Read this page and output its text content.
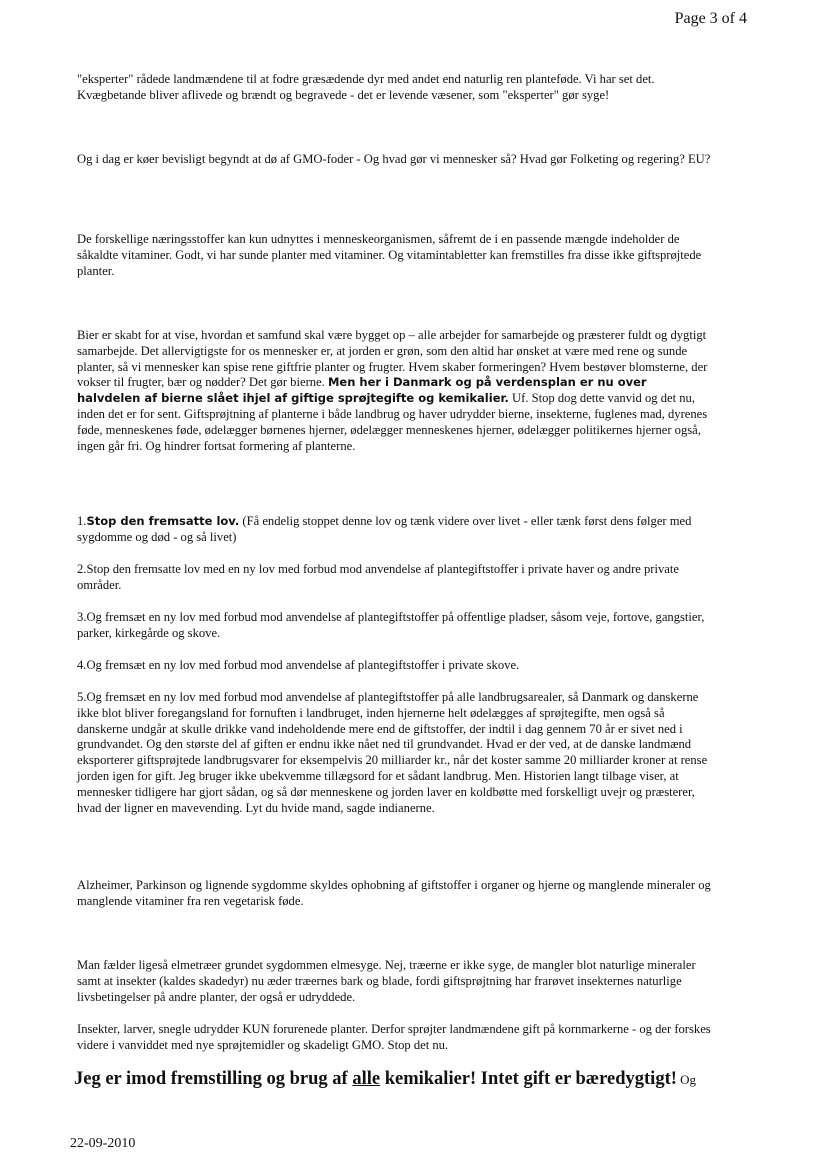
Page 3 of 4

"eksperter" rådede landmændene til at fodre græsædende dyr med andet end naturlig ren planteføde. Vi har set det. Kvægbetande bliver aflivede og brændt og begravede - det er levende væsener, som "eksperter" gør syge!

Og i dag er køer bevisligt begyndt at dø af GMO-foder - Og hvad gør vi mennesker så? Hvad gør Folketing og regering? EU?

De forskellige næringsstoffer kan kun udnyttes i menneskeorganismen, såfremt de i en passende mængde indeholder de såkaldte vitaminer. Godt, vi har sunde planter med vitaminer. Og vitamintabletter kan fremstilles fra disse ikke giftsprøjtede planter.

Bier er skabt for at vise, hvordan et samfund skal være bygget op – alle arbejder for samarbejde og præsterer fuldt og dygtigt samarbejde. Det allervigtigste for os mennesker er, at jorden er grøn, som den altid har ønsket at være med rene og sunde planter, så vi mennesker kan spise rene giftfrie planter og frugter. Hvem skaber formeringen? Hvem bestøver blomsterne, der vokser til frugter, bær og nødder? Det gør bierne. Men her i Danmark og på verdensplan er nu over halvdelen af bierne slået ihjel af giftige sprøjtegifte og kemikalier. Uf. Stop dog dette vanvid og det nu, inden det er for sent. Giftsprøjtning af planterne i både landbrug og haver udrydder bierne, insekterne, fuglenes mad, dyrenes føde, menneskenes føde, ødelægger børnenes hjerner, ødelægger menneskenes hjerner, ødelægger politikernes hjerner også, ingen går fri. Og hindrer fortsat formering af planterne.

1.Stop den fremsatte lov. (Få endelig stoppet denne lov og tænk videre over livet - eller tænk først dens følger med sygdomme og død - og så livet)

2.Stop den fremsatte lov med en ny lov med forbud mod anvendelse af plantegiftstoffer i private haver og andre private områder.

3.Og fremsæt en ny lov med forbud mod anvendelse af plantegiftstoffer på offentlige pladser, såsom veje, fortove, gangstier, parker, kirkegårde og skove.

4.Og fremsæt en ny lov med forbud mod anvendelse af plantegiftstoffer i private skove.

5.Og fremsæt en ny lov med forbud mod anvendelse af plantegiftstoffer på alle landbrugsarealer, så Danmark og danskerne ikke blot bliver foregangsland for fornuften i landbruget, inden hjernerne helt ødelægges af sprøjtegifte, men også så danskerne undgår at skulle drikke vand indeholdende mere end de giftstoffer, der indtil i dag gennem 70 år er sivet ned i grundvandet. Og den største del af giften er endnu ikke nået ned til grundvandet. Hvad er der ved, at de danske landmænd eksporterer giftsprøjtede landbrugsvarer for eksempelvis 20 milliarder kr., når det koster samme 20 milliarder kroner at rense jorden igen for gift. Jeg bruger ikke ubekvemme tillægsord for et sådant landbrug. Men. Historien langt tilbage viser, at mennesker tidligere har gjort sådan, og så dør menneskene og jorden laver en koldbøtte med forskelligt uvejr og præsterer, hvad der ligner en mavevending. Lyt du hvide mand, sagde indianerne.

Alzheimer, Parkinson og lignende sygdomme skyldes ophobning af giftstoffer i organer og hjerne og manglende mineraler og manglende vitaminer fra ren vegetarisk føde.

Man fælder ligeså elmetræer grundet sygdommen elmesyge. Nej, træerne er ikke syge, de mangler blot naturlige mineraler samt at insekter (kaldes skadedyr) nu æder træernes bark og blade, fordi giftsprøjtning har frarøvet insekternes naturlige livsbetingelser på andre planter, der også er udryddede.

Insekter, larver, snegle udrydder KUN forurenede planter. Derfor sprøjter landmændene gift på kornmarkerne - og der forskes videre i vanviddet med nye sprøjtemidler og skadeligt GMO. Stop det nu.

Jeg er imod fremstilling og brug af alle kemikalier! Intet gift er bæredygtigt! Og

22-09-2010
